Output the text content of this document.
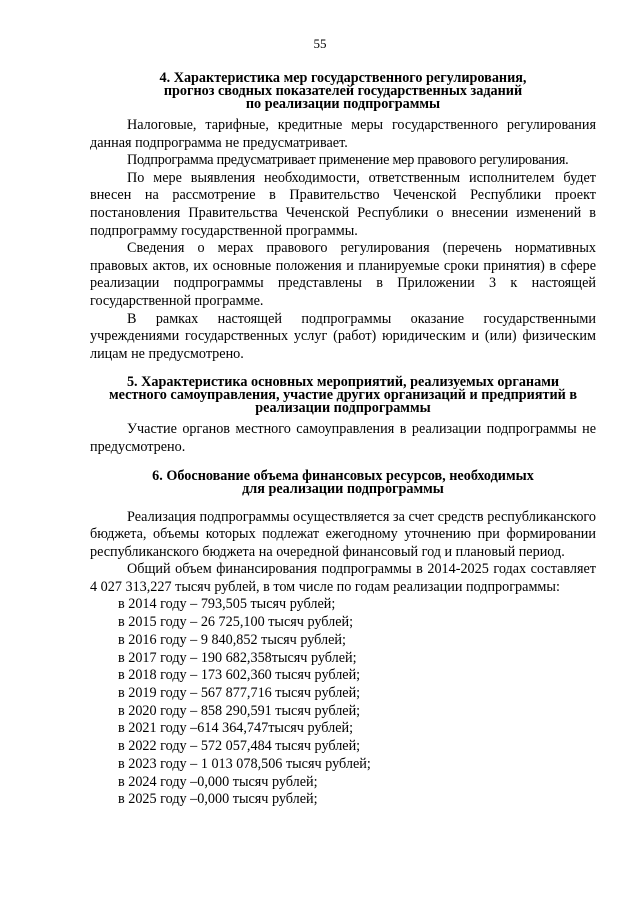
55
4. Характеристика мер государственного регулирования,
прогноз сводных показателей государственных заданий
по реализации подпрограммы

Налоговые, тарифные, кредитные меры государственного регулирования данная подпрограмма не предусматривает.

Подпрограмма предусматривает применение мер правового регулирования.

По мере выявления необходимости, ответственным исполнителем будет внесен на рассмотрение в Правительство Чеченской Республики проект постановления Правительства Чеченской Республики о внесении изменений в подпрограмму государственной программы.

Сведения о мерах правового регулирования (перечень нормативных правовых актов, их основные положения и планируемые сроки принятия) в сфере реализации подпрограммы представлены в Приложении 3 к настоящей государственной программе.

В рамках настоящей подпрограммы оказание государственными учреждениями государственных услуг (работ) юридическим и (или) физическим лицам не предусмотрено.

5. Характеристика основных мероприятий, реализуемых органами
местного самоуправления, участие других организаций и предприятий в
реализации подпрограммы

Участие органов местного самоуправления в реализации подпрограммы не предусмотрено.

6. Обоснование объема финансовых ресурсов, необходимых
для реализации подпрограммы

Реализация подпрограммы осуществляется за счет средств республиканского бюджета, объемы которых подлежат ежегодному уточнению при формировании республиканского бюджета на очередной финансовый год и плановый период.

Общий объем финансирования подпрограммы в 2014-2025 годах составляет 4 027 313,227 тысяч рублей, в том числе по годам реализации подпрограммы:

в 2014 году – 793,505 тысяч рублей;
в 2015 году – 26 725,100 тысяч рублей;
в 2016 году – 9 840,852 тысяч рублей;
в 2017 году – 190 682,358тысяч рублей;
в 2018 году – 173 602,360 тысяч рублей;
в 2019 году – 567 877,716 тысяч рублей;
в 2020 году – 858 290,591 тысяч рублей;
в 2021 году –614 364,747тысяч рублей;
в 2022 году – 572 057,484 тысяч рублей;
в 2023 году – 1 013 078,506 тысяч рублей;
в 2024 году –0,000 тысяч рублей;
в 2025 году –0,000 тысяч рублей;
